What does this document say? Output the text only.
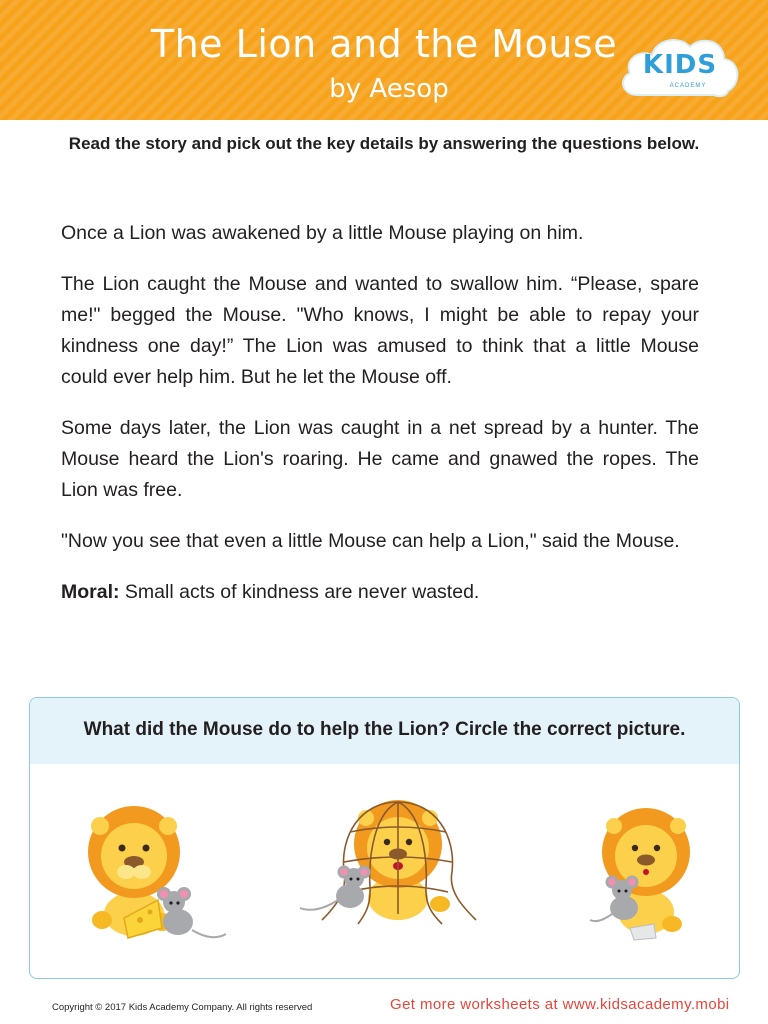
The Lion and the Mouse
by Aesop
KIDS
ACADEMY
Read the story and pick out the key details by answering the questions below.

Once a Lion was awakened by a little Mouse playing on him.

The Lion caught the Mouse and wanted to swallow him. “Please, spare me!" begged the Mouse. "Who knows, I might be able to repay your kindness one day!” The Lion was amused to think that a little Mouse could ever help him. But he let the Mouse off.

Some days later, the Lion was caught in a net spread by a hunter. The Mouse heard the Lion's roaring. He came and gnawed the ropes. The Lion was free.

"Now you see that even a little Mouse can help a Lion," said the Mouse.

Moral: Small acts of kindness are never wasted.

What did the Mouse do to help the Lion? Circle the correct picture.
Copyright © 2017 Kids Academy Company. All rights reserved	Get more worksheets at www.kidsacademy.mobi
